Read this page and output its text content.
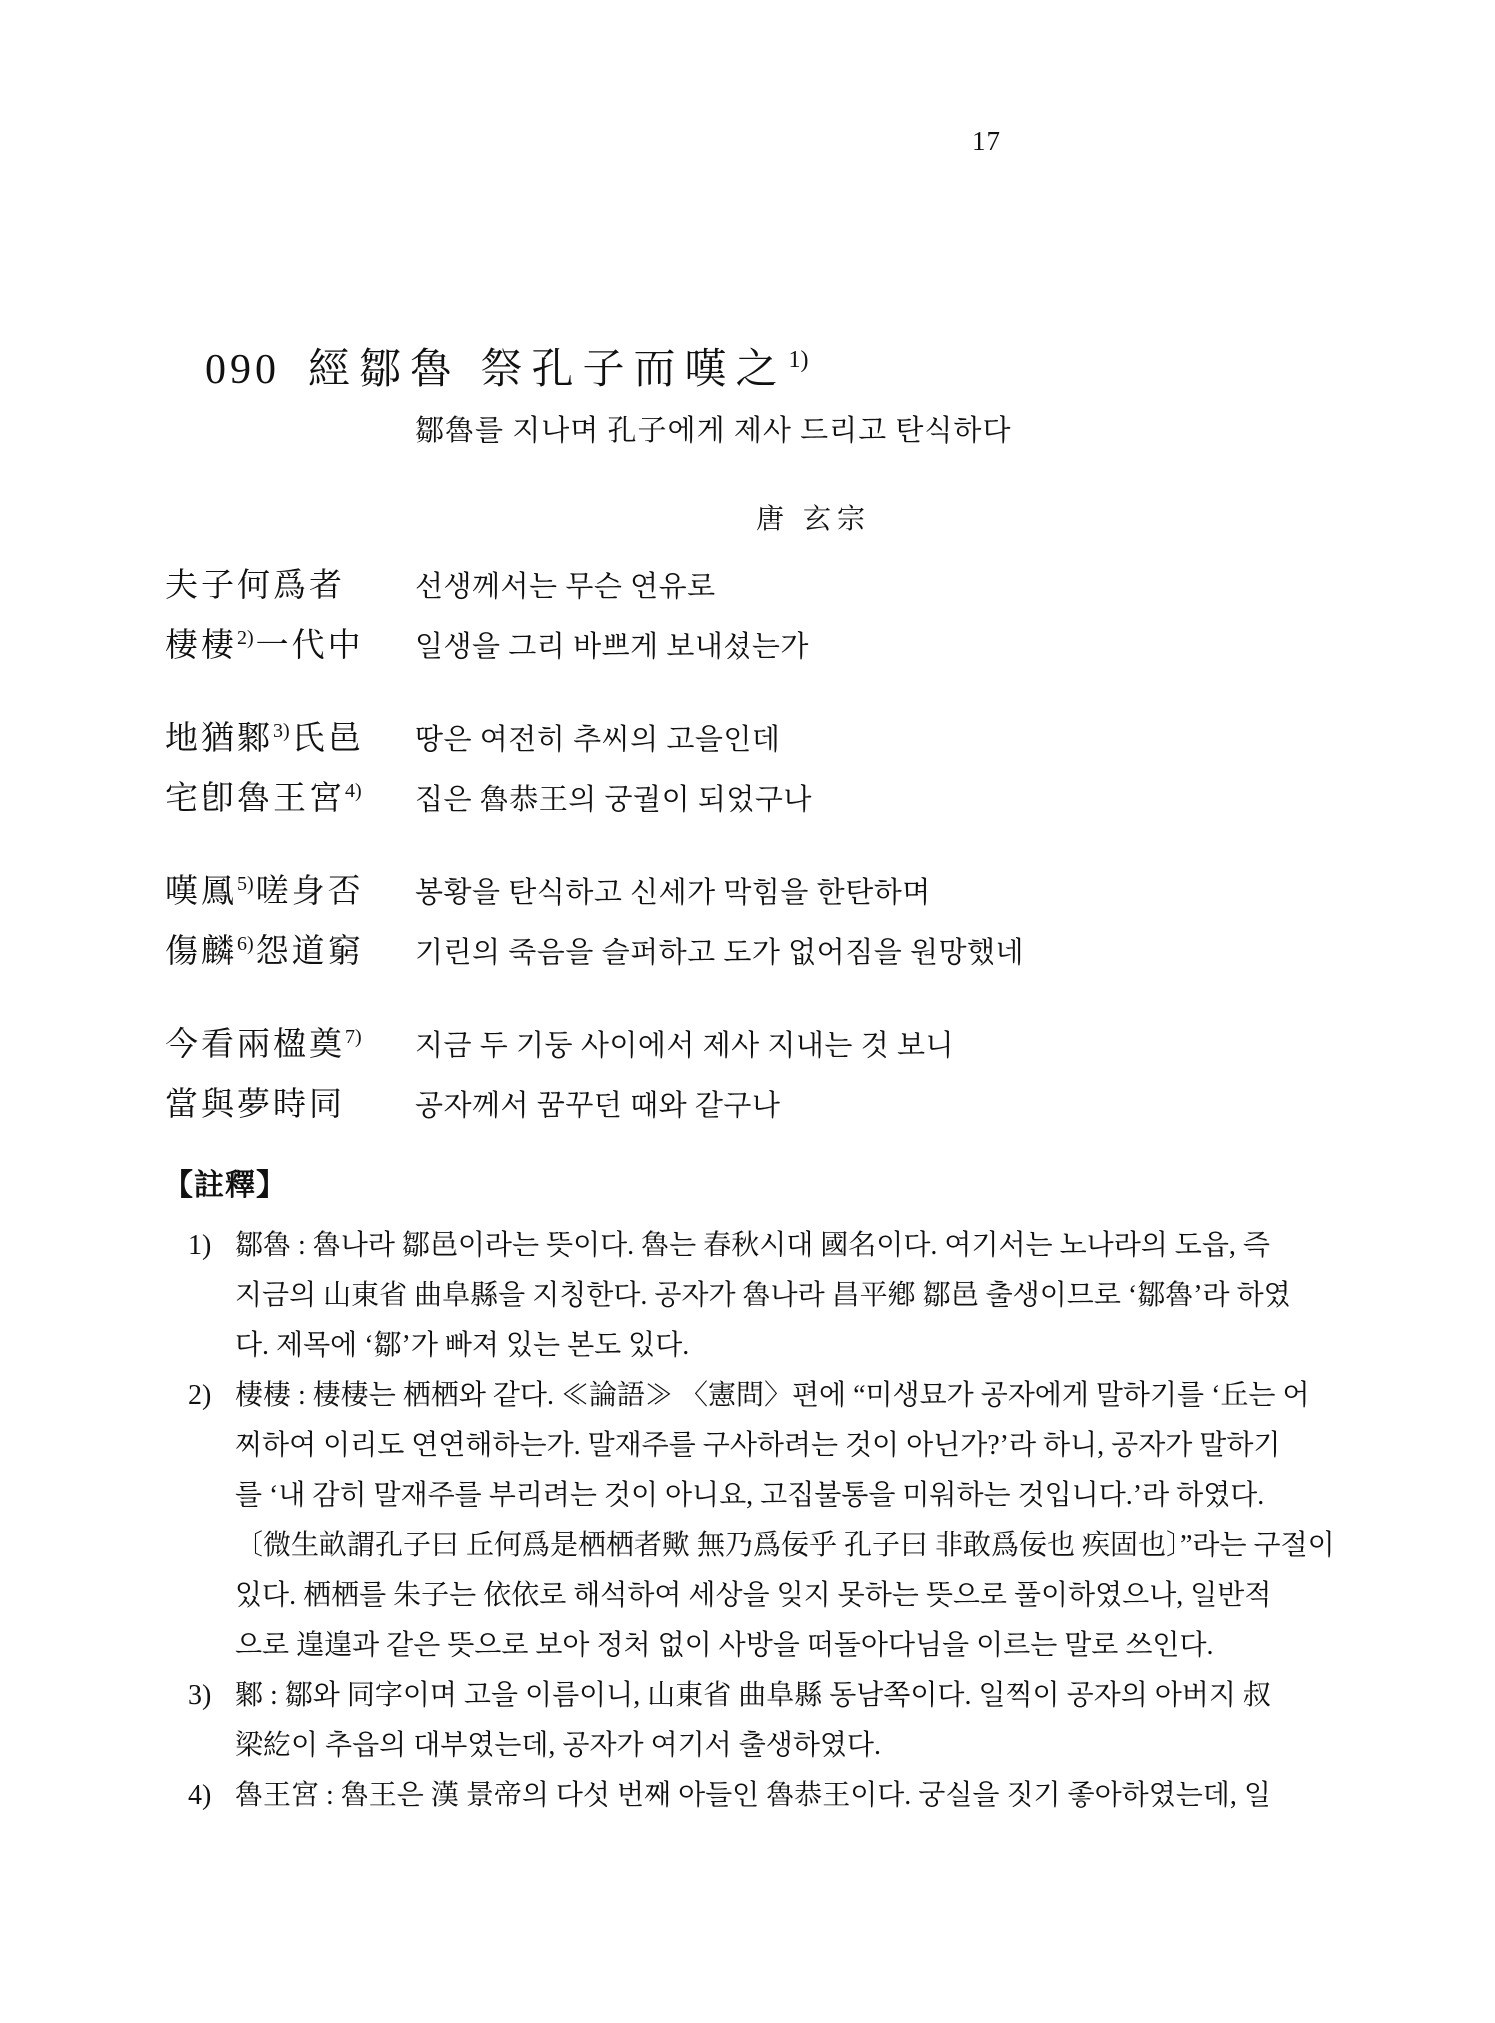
17
090 經鄒魯 祭孔子而嘆之$^{1)}$
鄒魯를 지나며 孔子에게 제사 드리고 탄식하다
唐 玄宗
夫子何爲者	선생께서는 무슨 연유로
棲棲$^{2)}$一代中	일생을 그리 바쁘게 보내셨는가
地猶鄹$^{3)}$氏邑	땅은 여전히 추씨의 고을인데
宅卽魯王宮$^{4)}$	집은 魯恭王의 궁궐이 되었구나
嘆鳳$^{5)}$嗟身否	봉황을 탄식하고 신세가 막힘을 한탄하며
傷麟$^{6)}$怨道窮	기린의 죽음을 슬퍼하고 도가 없어짐을 원망했네
今看兩楹奠$^{7)}$	지금 두 기둥 사이에서 제사 지내는 것 보니
當與夢時同	공자께서 꿈꾸던 때와 같구나
【註釋】
1) 鄒魯 : 魯나라 鄒邑이라는 뜻이다. 魯는 春秋시대 國名이다. 여기서는 노나라의 도읍, 즉
지금의 山東省 曲阜縣을 지칭한다. 공자가 魯나라 昌平鄕 鄒邑 출생이므로 ‘鄒魯’라 하였
다. 제목에 ‘鄒’가 빠져 있는 본도 있다.
2) 棲棲 : 棲棲는 栖栖와 같다. ≪論語≫ 〈憲問〉편에 “미생묘가 공자에게 말하기를 ‘丘는 어
찌하여 이리도 연연해하는가. 말재주를 구사하려는 것이 아닌가?’라 하니, 공자가 말하기
를 ‘내 감히 말재주를 부리려는 것이 아니요, 고집불통을 미워하는 것입니다.’라 하였다.
〔微生畝謂孔子曰 丘何爲是栖栖者歟 無乃爲佞乎 孔子曰 非敢爲佞也 疾固也〕”라는 구절이
있다. 栖栖를 朱子는 依依로 해석하여 세상을 잊지 못하는 뜻으로 풀이하였으나, 일반적
으로 遑遑과 같은 뜻으로 보아 정처 없이 사방을 떠돌아다님을 이르는 말로 쓰인다.
3) 鄹 : 鄒와 同字이며 고을 이름이니, 山東省 曲阜縣 동남쪽이다. 일찍이 공자의 아버지 叔
梁紇이 추읍의 대부였는데, 공자가 여기서 출생하였다.
4) 魯王宮 : 魯王은 漢 景帝의 다섯 번째 아들인 魯恭王이다. 궁실을 짓기 좋아하였는데, 일
